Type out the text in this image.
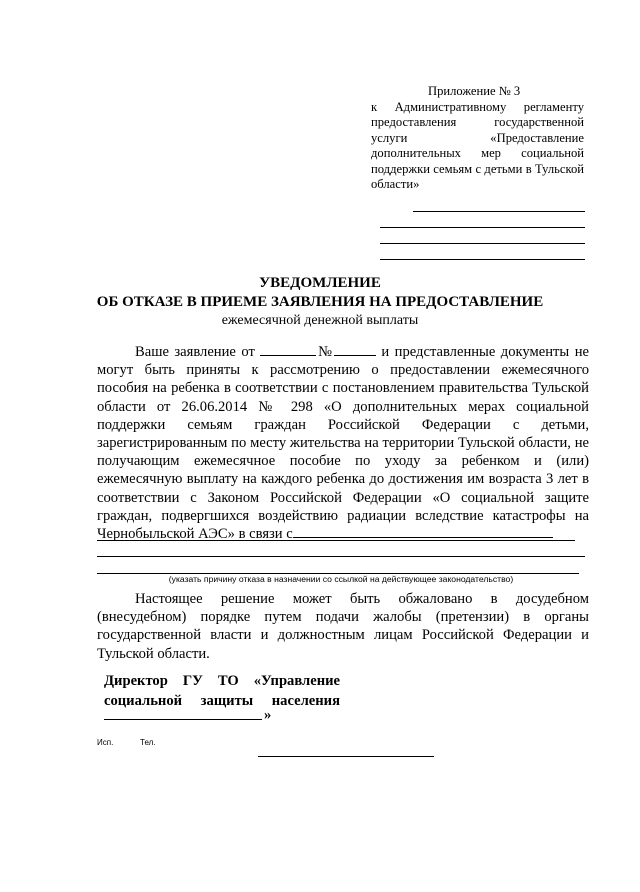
Приложение № 3
к Административному регламенту предоставления государственной услуги «Предоставление дополнительных мер социальной поддержки семьям с детьми в Тульской области»
УВЕДОМЛЕНИЕ
ОБ ОТКАЗЕ В ПРИЕМЕ ЗАЯВЛЕНИЯ НА ПРЕДОСТАВЛЕНИЕ
ежемесячной денежной выплаты
Ваше заявление от	№	и представленные документы не могут быть приняты к рассмотрению о предоставлении ежемесячного пособия на ребенка в соответствии с постановлением правительства Тульской области от 26.06.2014 № 298 «О дополнительных мерах социальной поддержки семьям граждан Российской Федерации с детьми, зарегистрированным по месту жительства на территории Тульской области, не получающим ежемесячное пособие по уходу за ребенком и (или) ежемесячную выплату на каждого ребенка до достижения им возраста 3 лет в соответствии с Законом Российской Федерации «О социальной защите граждан, подвергшихся воздействию радиации вследствие катастрофы на Чернобыльской АЭС» в связи с
(указать причину отказа в назначении со ссылкой на действующее законодательство)
Настоящее решение может быть обжаловано в досудебном (внесудебном) порядке путем подачи жалобы (претензии) в органы государственной власти и должностным лицам Российской Федерации и Тульской области.
Директор ГУ ТО «Управление социальной защиты населения
»
Исп.	Тел.
